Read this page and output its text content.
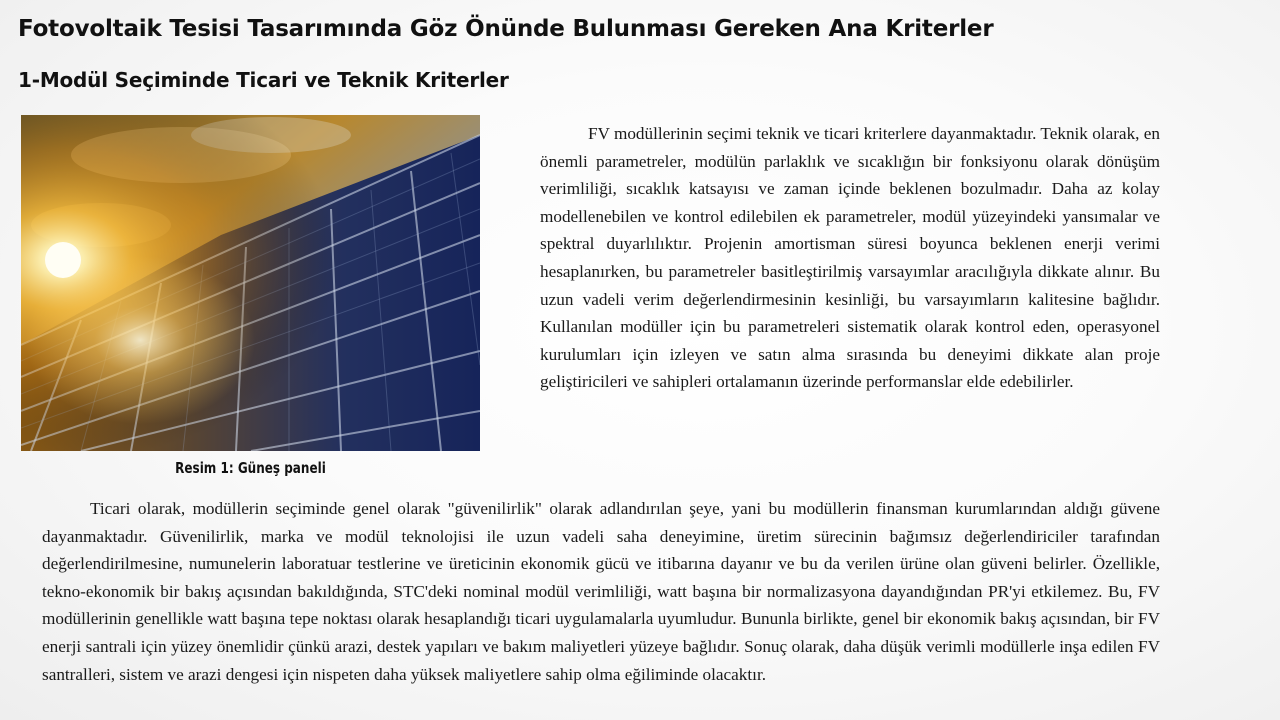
Fotovoltaik Tesisi Tasarımında Göz Önünde Bulunması Gereken Ana Kriterler
1-Modül Seçiminde Ticari ve Teknik Kriterler

Resim 1: Güneş paneli

FV modüllerinin seçimi teknik ve ticari kriterlere dayanmaktadır. Teknik olarak, en önemli parametreler, modülün parlaklık ve sıcaklığın bir fonksiyonu olarak dönüşüm verimliliği, sıcaklık katsayısı ve zaman içinde beklenen bozulmadır. Daha az kolay modellenebilen ve kontrol edilebilen ek parametreler, modül yüzeyindeki yansımalar ve spektral duyarlılıktır. Projenin amortisman süresi boyunca beklenen enerji verimi hesaplanırken, bu parametreler basitleştirilmiş varsayımlar aracılığıyla dikkate alınır. Bu uzun vadeli verim değerlendirmesinin kesinliği, bu varsayımların kalitesine bağlıdır. Kullanılan modüller için bu parametreleri sistematik olarak kontrol eden, operasyonel kurulumları için izleyen ve satın alma sırasında bu deneyimi dikkate alan proje geliştiricileri ve sahipleri ortalamanın üzerinde performanslar elde edebilirler.

Ticari olarak, modüllerin seçiminde genel olarak "güvenilirlik" olarak adlandırılan şeye, yani bu modüllerin finansman kurumlarından aldığı güvene dayanmaktadır. Güvenilirlik, marka ve modül teknolojisi ile uzun vadeli saha deneyimine, üretim sürecinin bağımsız değerlendiriciler tarafından değerlendirilmesine, numunelerin laboratuar testlerine ve üreticinin ekonomik gücü ve itibarına dayanır ve bu da verilen ürüne olan güveni belirler. Özellikle, tekno-ekonomik bir bakış açısından bakıldığında, STC'deki nominal modül verimliliği, watt başına bir normalizasyona dayandığından PR'yi etkilemez. Bu, FV modüllerinin genellikle watt başına tepe noktası olarak hesaplandığı ticari uygulamalarla uyumludur. Bununla birlikte, genel bir ekonomik bakış açısından, bir FV enerji santrali için yüzey önemlidir çünkü arazi, destek yapıları ve bakım maliyetleri yüzeye bağlıdır. Sonuç olarak, daha düşük verimli modüllerle inşa edilen FV santralleri, sistem ve arazi dengesi için nispeten daha yüksek maliyetlere sahip olma eğiliminde olacaktır.
